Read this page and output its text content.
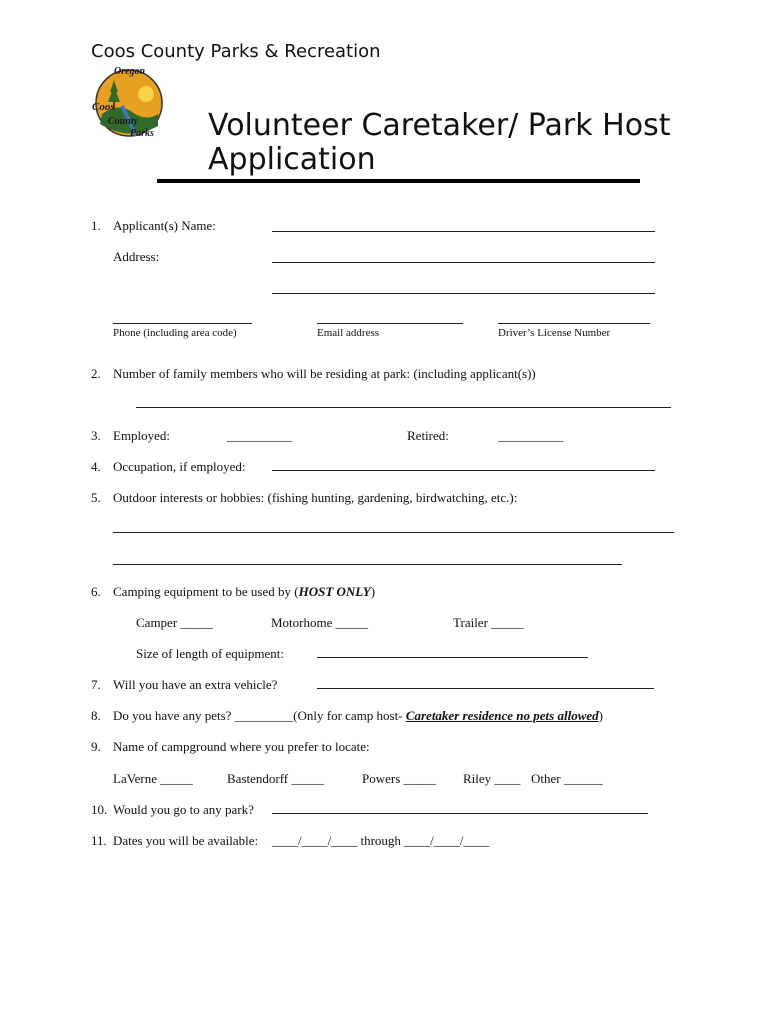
Coos County Parks & Recreation
Oregon
Coos
County
Parks Volunteer Caretaker/ Park Host
Application
1. Applicant(s) Name:
Address:
Phone (including area code)	Email address	Driver’s License Number
2. Number of family members who will be residing at park: (including applicant(s))
3. Employed:	__________	Retired:	__________
4. Occupation, if employed:
5. Outdoor interests or hobbies: (fishing hunting, gardening, birdwatching, etc.):
6. Camping equipment to be used by (HOST ONLY)
Camper _____	Motorhome _____	Trailer _____
Size of length of equipment:
7. Will you have an extra vehicle?
8. Do you have any pets? _________(Only for camp host- Caretaker residence no pets allowed)
9. Name of campground where you prefer to locate:
LaVerne _____	Bastendorff _____	Powers _____ Riley ____ Other ______
10. Would you go to any park?
11. Dates you will be available: ____/____/____ through ____/____/____
